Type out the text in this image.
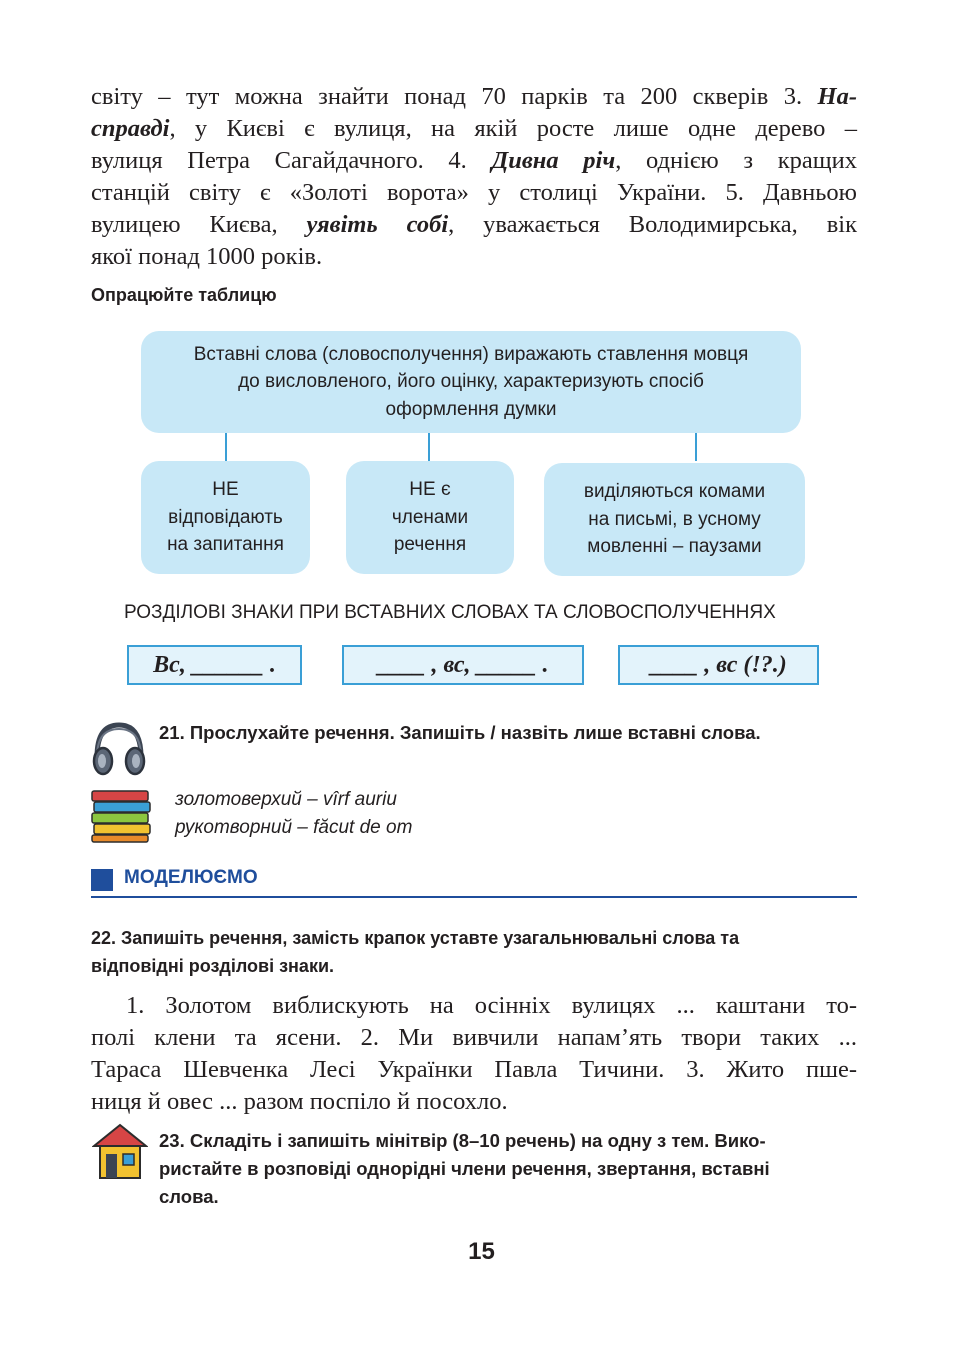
світу – тут можна знайти понад 70 парків та 200 скверів 3. На-
справді, у Києві є вулиця, на якій росте лише одне дерево –
вулиця Петра Сагайдачного. 4. Дивна річ, однією з кращих
станцій світу є «Золоті ворота» у столиці України. 5. Давньою
вулицею Києва, уявіть собі, уважається Володимирська, вік
якої понад 1000 років.
Опрацюйте таблицю
Вставні слова (словосполучення) виражають ставлення мовця
до висловленого, його оцінку, характеризують спосіб
оформлення думки
НЕ
відповідають
на запитання
НЕ є
членами
речення
виділяються комами
на письмі, в усному
мовленні – паузами
РОЗДІЛОВІ ЗНАКИ ПРИ ВСТАВНИХ СЛОВАХ ТА СЛОВОСПОЛУЧЕННЯХ
Вс, ______ .	____ , вс, _____ .	____ , вс (!?.)
21. Прослухайте речення. Запишіть / назвіть лише вставні слова.
золотоверхий – vîrf auriu
рукотворний – făcut de om
МОДЕЛЮЄМО
22. Запишіть речення, замість крапок уставте узагальнювальні слова та
відповідні розділові знаки.
1. Золотом виблискують на осінніх вулицях ... каштани то-
полі клени та ясени. 2. Ми вивчили напам’ять твори таких ...
Тараса Шевченка Лесі Українки Павла Тичини. 3. Жито пше-
ниця й овес ... разом поспіло й посохло.
23. Складіть і запишіть мінітвір (8–10 речень) на одну з тем. Вико-
ристайте в розповіді однорідні члени речення, звертання, вставні
слова.
15
